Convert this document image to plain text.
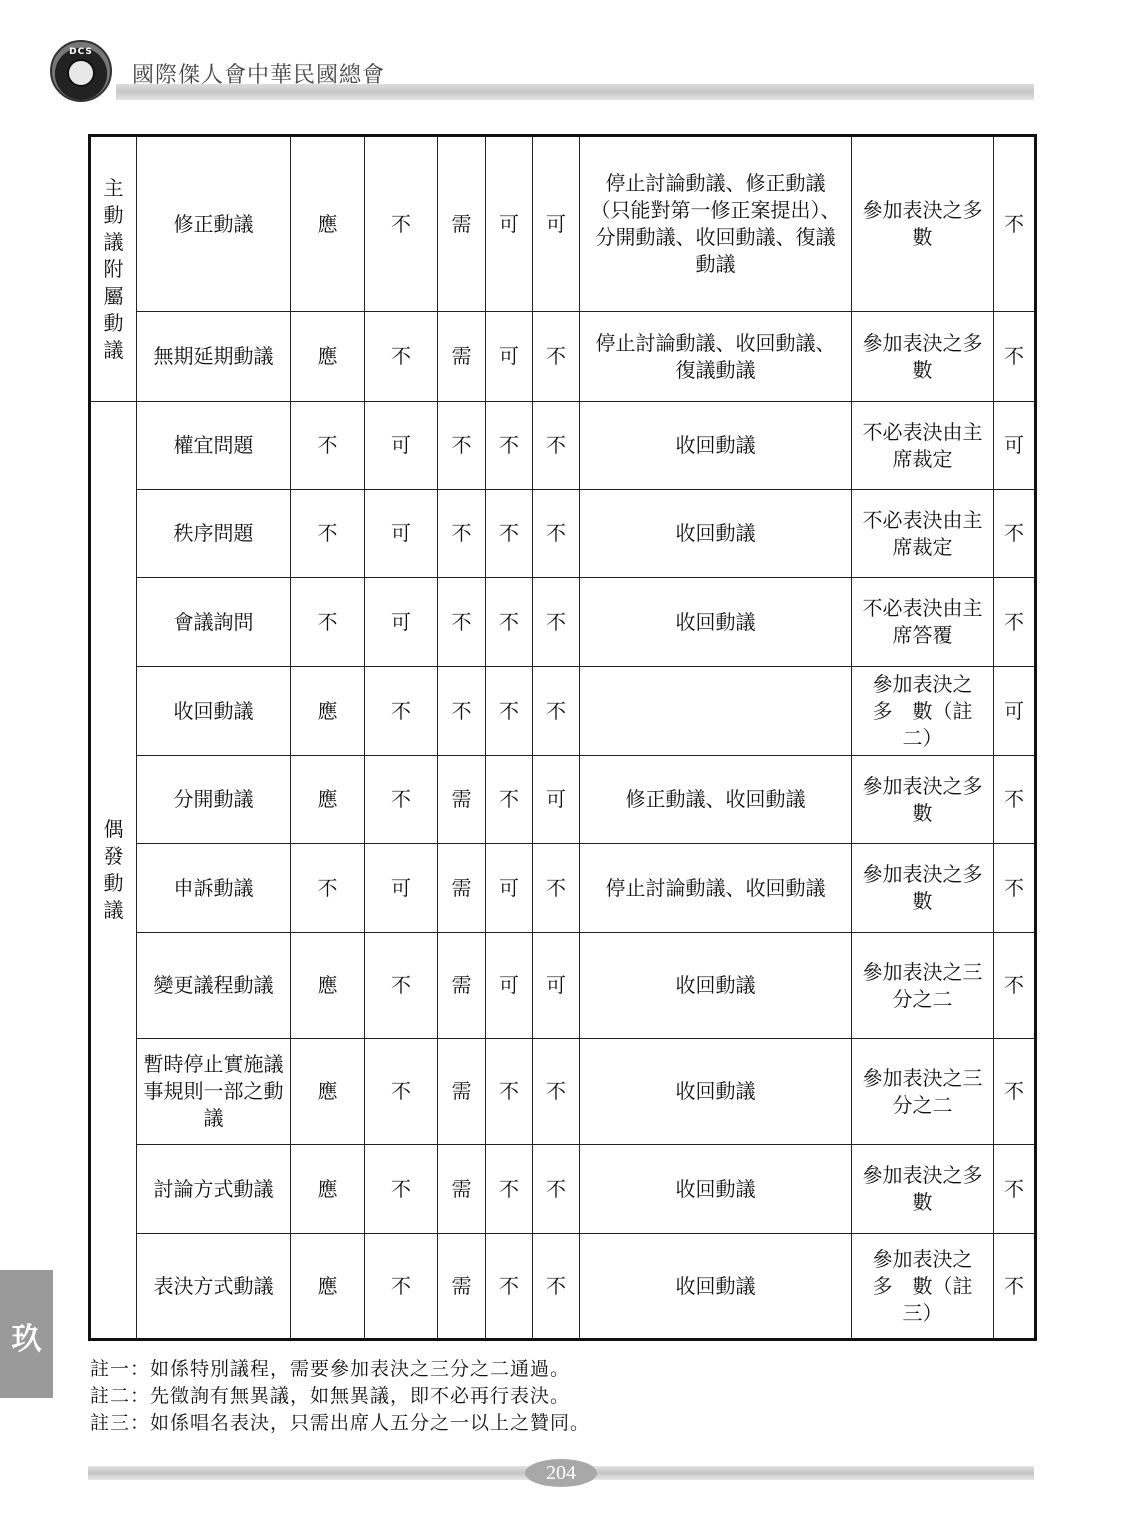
DCS
國際傑人會中華民國總會
主動議附屬動議	修正動議	應	不	需	可	可	停止討論動議、修正動議（只能對第一修正案提出）、分開動議、收回動議、復議動議	參加表決之多數	不
	無期延期動議	應	不	需	可	不	停止討論動議、收回動議、復議動議	參加表決之多數	不
偶發動議	權宜問題	不	可	不	不	不	收回動議	不必表決由主席裁定	可
	秩序問題	不	可	不	不	不	收回動議	不必表決由主席裁定	不
	會議詢問	不	可	不	不	不	收回動議	不必表決由主席答覆	不
	收回動議	應	不	不	不	不		參加表決之　多　數（註二）	可
	分開動議	應	不	需	不	可	修正動議、收回動議	參加表決之多數	不
	申訴動議	不	可	需	可	不	停止討論動議、收回動議	參加表決之多數	不
	變更議程動議	應	不	需	可	可	收回動議	參加表決之三分之二	不
	暫時停止實施議事規則一部之動議	應	不	需	不	不	收回動議	參加表決之三分之二	不
	討論方式動議	應	不	需	不	不	收回動議	參加表決之多數	不
	表決方式動議	應	不	需	不	不	收回動議	參加表決之　多　數（註三）	不
玖
註一：如係特別議程，需要參加表決之三分之二通過。
註二：先徵詢有無異議，如無異議，即不必再行表決。
註三：如係唱名表決，只需出席人五分之一以上之贊同。
204
